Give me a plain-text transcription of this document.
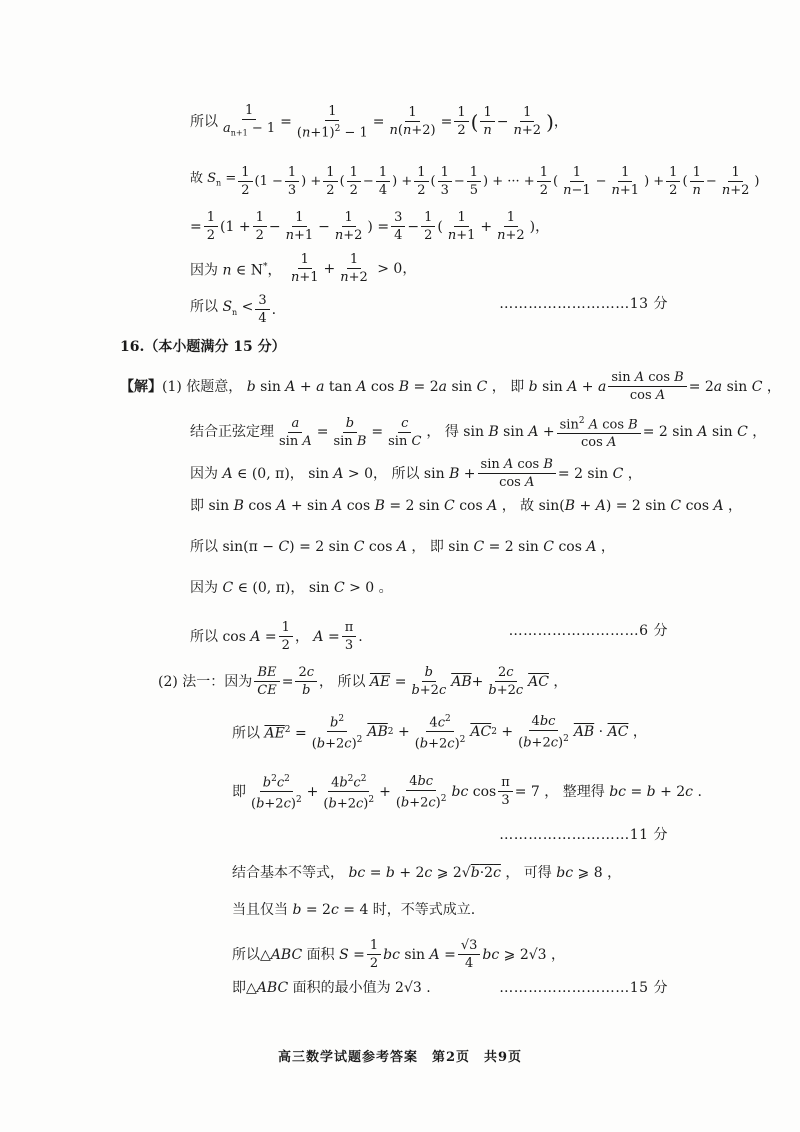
所以 $\frac{1}{a_{n+1} - 1} = \frac{1}{(n+1)^2 - 1} = \frac{1}{n(n+2)} = \frac{1}{2}$ ( $\frac{1}{n} - \frac{1}{n+2}$ ) ，
故 $S_n = \frac{1}{2} (1 - \frac{1}{3}$ ) + $\frac{1}{2}$ ( $\frac{1}{2} - \frac{1}{4}$ ) + $\frac{1}{2}$ ( $\frac{1}{3} - \frac{1}{5}$ ) + ··· + $\frac{1}{2}$ ( $\frac{1}{n-1} - \frac{1}{n+1}$ ) + $\frac{1}{2}$ ( $\frac{1}{n} - \frac{1}{n+2}$ )
= $\frac{1}{2} (1 + \frac{1}{2} - \frac{1}{n+1} - \frac{1}{n+2}$ ) = $\frac{3}{4} - \frac{1}{2}$ ( $\frac{1}{n+1} + \frac{1}{n+2}$ )，
因为 n ∈ N*， $\frac{1}{n+1} + \frac{1}{n+2} > 0$，
所以 $S_n < \frac{3}{4}$ .	………………………13 分
16.（本小题满分 15 分）
【解】(1) 依题意， b sin A + a tan A cos B = 2a sin C ， 即 b sin A + a $\frac{\text{sin A cos B}}{\text{cos A}} = 2a$ sin C ，
结合正弦定理 $\frac{a}{\text{sin A}} = \frac{b}{\text{sin B}} = \frac{c}{\text{sin C}}$ ， 得 sin B $\sin A + \frac{\sin^2 A \cos B}{\text{cos A}} = 2$ sin A sin C ，
因为 A ∈ (0, π)， sin A > 0， 所以 $\sin B + \frac{\text{sin A cos B}}{\text{cos A}} = 2$ sin C ，
即 sin B cos A + sin A cos B = 2 sin C cos A ， 故 sin(B + A) = 2 sin C cos A ，
所以 sin(π − C) = 2 sin C cos A ， 即 sin C = 2 sin C cos A ，
因为 C ∈ (0, π)， sin C > 0 。
所以 $\cos A = \frac{1}{2}$ ， $A = \frac{\pi}{3}$ .	………………………6 分
(2) 法一：因为 $\frac{BE}{CE} = \frac{2c}{b}$ ， 所以 $\overline{AE} = \frac{b}{b+2c} \overline{AB} + \frac{2c}{b+2c} \overline{AC}$ ，
所以 $\overline{AE}^2 = \frac{b^2}{(b+2c)^2} \overline{AB}$ $2 + \frac{4c^2}{(b+2c)^2} \overline{AC}$ $2 + \frac{4bc}{(b+2c)^2} \overline{AB} \cdot \overline{AC}$ ，
即 $\frac{b^2c^2}{(b+2c)^2} + \frac{4b^2c^2}{(b+2c)^2} + \frac{4bc}{(b+2c)^2}$ bc $\cos \frac{\pi}{3} = 7$ ， 整理得 bc = b + 2c .
………………………11 分
结合基本不等式， bc = b + 2c ⩾ 2√b·2c ， 可得 bc ⩾ 8 ，
当且仅当 b = 2c = 4 时，不等式成立.
所以△ABC 面积 $S = \frac{1}{2}$ bc $\sin A = \frac{√3}{4}$ bc ⩾ 2√3 ，
即△ABC 面积的最小值为 2√3 .	………………………15 分
高三数学试题参考答案　第2页　共9页
